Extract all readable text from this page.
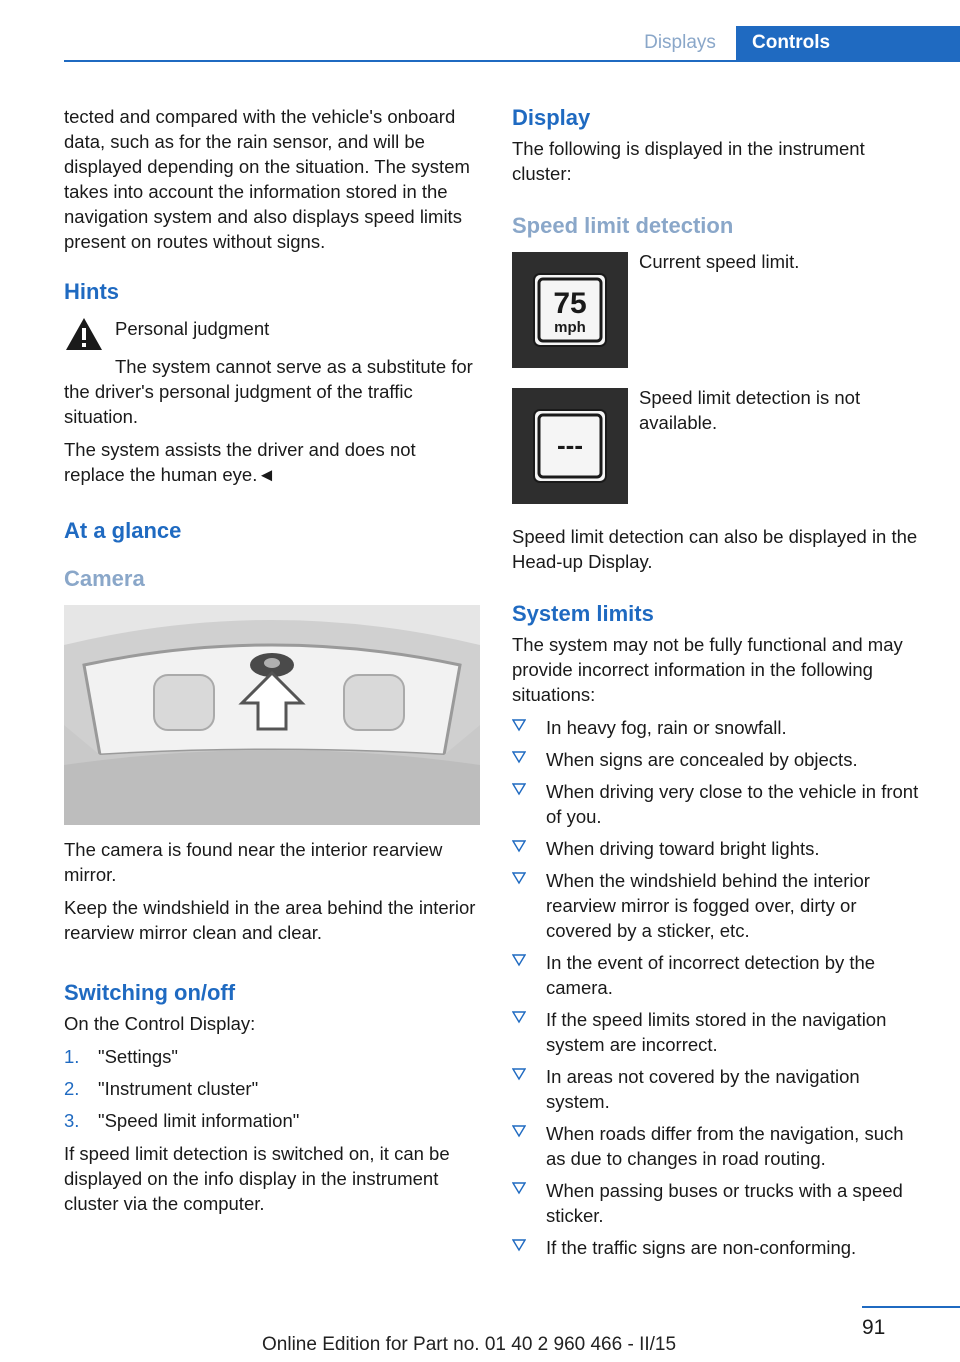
Displays	Controls

tected and compared with the vehicle's onboard data, such as for the rain sensor, and will be displayed depending on the situation. The system takes into account the information stored in the navigation system and also displays speed limits present on routes without signs.

Hints

Personal judgment

The system cannot serve as a substitute for the driver's personal judgment of the traffic situation.

The system assists the driver and does not replace the human eye.◄

At a glance
Camera

The camera is found near the interior rearview mirror.

Keep the windshield in the area behind the interior rearview mirror clean and clear.

Switching on/off

On the Control Display:

1. "Settings"
2. "Instrument cluster"
3. "Speed limit information"

If speed limit detection is switched on, it can be displayed on the info display in the instrument cluster via the computer.

Display

The following is displayed in the instrument cluster:

Speed limit detection
75
mph
Current speed limit.
---
Speed limit detection is not available.

Speed limit detection can also be displayed in the Head-up Display.

System limits

The system may not be fully functional and may provide incorrect information in the following situations:

In heavy fog, rain or snowfall.
When signs are concealed by objects.
When driving very close to the vehicle in front of you.
When driving toward bright lights.
When the windshield behind the interior rearview mirror is fogged over, dirty or covered by a sticker, etc.
In the event of incorrect detection by the camera.
If the speed limits stored in the navigation system are incorrect.
In areas not covered by the navigation system.
When roads differ from the navigation, such as due to changes in road routing.
When passing buses or trucks with a speed sticker.
If the traffic signs are non-conforming.
91
Online Edition for Part no. 01 40 2 960 466 - II/15
